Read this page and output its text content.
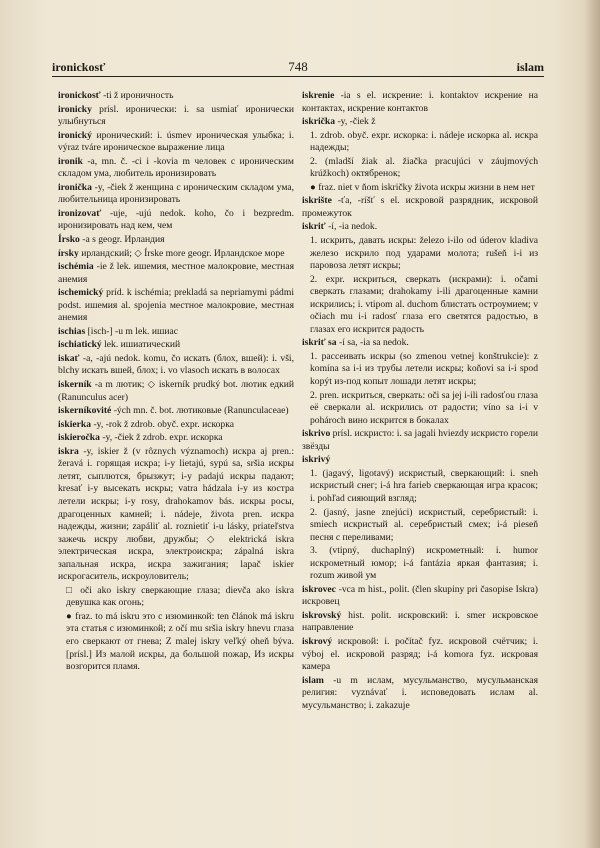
ironickosť	748	islam
ironickosť -ti ž ироничность
ironicky prísl. иронически: i. sa usmiať иронически улыбнуться
ironický иронический: i. úsmev ироническая улыбка; i. výraz tváre ироническое выражение лица
ironik -a, mn. č. -ci i -kovia m человек с ироническим складом ума, любитель иронизировать
ironička -y, -čiek ž женщина с ироническим складом ума, любительница иронизировать
ironizovať -uje, -ujú nedok. koho, čo i bezpredm. иронизировать над кем, чем
Írsko -a s geogr. Ирландия
írsky ирландский; ◇ Írske more geogr. Ирландское море
ischémia -ie ž lek. ишемия, местное малокровие, местная анемия
ischemický príd. k ischémia; prekladá sa nepriamymi pádmi podst. ишемия al. spojenia местное малокровие, местная анемия
ischias [isch-] -u m lek. ишиас
ischiatický lek. ишиатический
iskať -a, -ajú nedok. komu, čo искать (блох, вшей): i. vši, blchy искать вшей, блох; i. vo vlasoch искать в волосах
iskerník -a m лютик; ◇ iskerník prudký bot. лютик едкий (Ranunculus acer)
iskerníkovité -ých mn. č. bot. лютиковые (Ranunculaceae)
iskierka -y, -rok ž zdrob. obyč. expr. искорка
iskieročka -y, -čiek ž zdrob. expr. искорка
iskra -y, iskier ž (v rôznych významoch) искра aj pren.: žeravá i. горящая искра; i-y lietajú, sypú sa, sršia искры летят, сыплются, брызжут; i-y padajú искры падают; kresať i-y высекать искры; vatra hádzala i-y из костра летели искры; i-y rosy, drahokamov bás. искры росы, драгоценных камней; i. nádeje, života pren. искра надежды, жизни; zapáliť al. roznietiť i-u lásky, priateľstva зажечь искру любви, дружбы; ◇ elektrická iskra электрическая искра, электроискра; zápalná iskra запальная искра, искра зажигания; lapač iskier искрогаситель, искроуловитель;
□ oči ako iskry сверкающие глаза; dievča ako iskra девушка как огонь;
● frаz. to má iskru это с изюминкой: ten článok má iskru эта статья с изюминкой; z očí mu sršia iskry hnevu глаза его сверкают от гнева; Z malej iskry veľký oheň býva. [prísl.] Из малой искры, да большой пожар, Из искры возгорится пламя.
iskrenie -ia s el. искрение: i. kontaktov искрение на контактах, искрение контактов
iskrička -y, -čiek ž
1. zdrob. obyč. expr. искорка: i. nádeje искорка al. искра надежды;
2. (mladší žiak al. žiačka pracujúci v záujmových krúžkoch) октябренок;
● frаz. niet v ňom iskričky života искры жизни в нем нет
iskrište -ťa, -ríšť s el. искровой разрядник, искровой промежуток
iskriť -í, -ia nedok.
1. искрить, давать искры: železo i-ilo od úderov kladiva железо искрило под ударами молота; rušeň i-i из паровоза летят искры;
2. expr. искриться, сверкать (искрами): i. očami сверкать глазами; drahokamy i-ili драгоценные камни искрились; i. vtipom al. duchom блистать остроумием; v očiach mu i-i radosť глаза его светятся радостью, в глазах его искрится радость
iskriť sa -í sa, -ia sa nedok.
1. рассеивать искры (so zmenou vetnej konštrukcie): z komína sa i-i из трубы летели искры; koňovi sa i-i spod kopýt из-под копыт лошади летят искры;
2. pren. искриться, сверкать: oči sa jej i-ili radosťou глаза её сверкали al. искрились от радости; víno sa i-i v pohároch вино искрится в бокалах
iskrivo prísl. искристо: i. sa jagali hviezdy искристо горели звёзды
iskrivý
1. (jagavý, ligotavý) искристый, сверкающий: i. sneh искристый снег; i-á hra farieb сверкающая игра красок; i. pohľad сияющий взгляд;
2. (jasný, jasne znejúci) искристый, серебристый: i. smiech искристый al. серебристый смех; i-á pieseň песня с переливами;
3. (vtipný, duchaplný) искрометный: i. humor искрометный юмор; i-á fantázia яркая фантазия; i. rozum живой ум
iskrovec -vca m hist., polit. (člen skupiny pri časopise Iskra) искровец
iskrovský hist. polit. искровский: i. smer искровское направление
iskrový искровой: i. počítač fyz. искровой счётчик; i. výboj el. искровой разряд; i-á komora fyz. искровая камера
islam -u m ислам, мусульманство, мусульманская религия: vyznávať i. исповедовать ислам al. мусульманство; i. zakazuje
